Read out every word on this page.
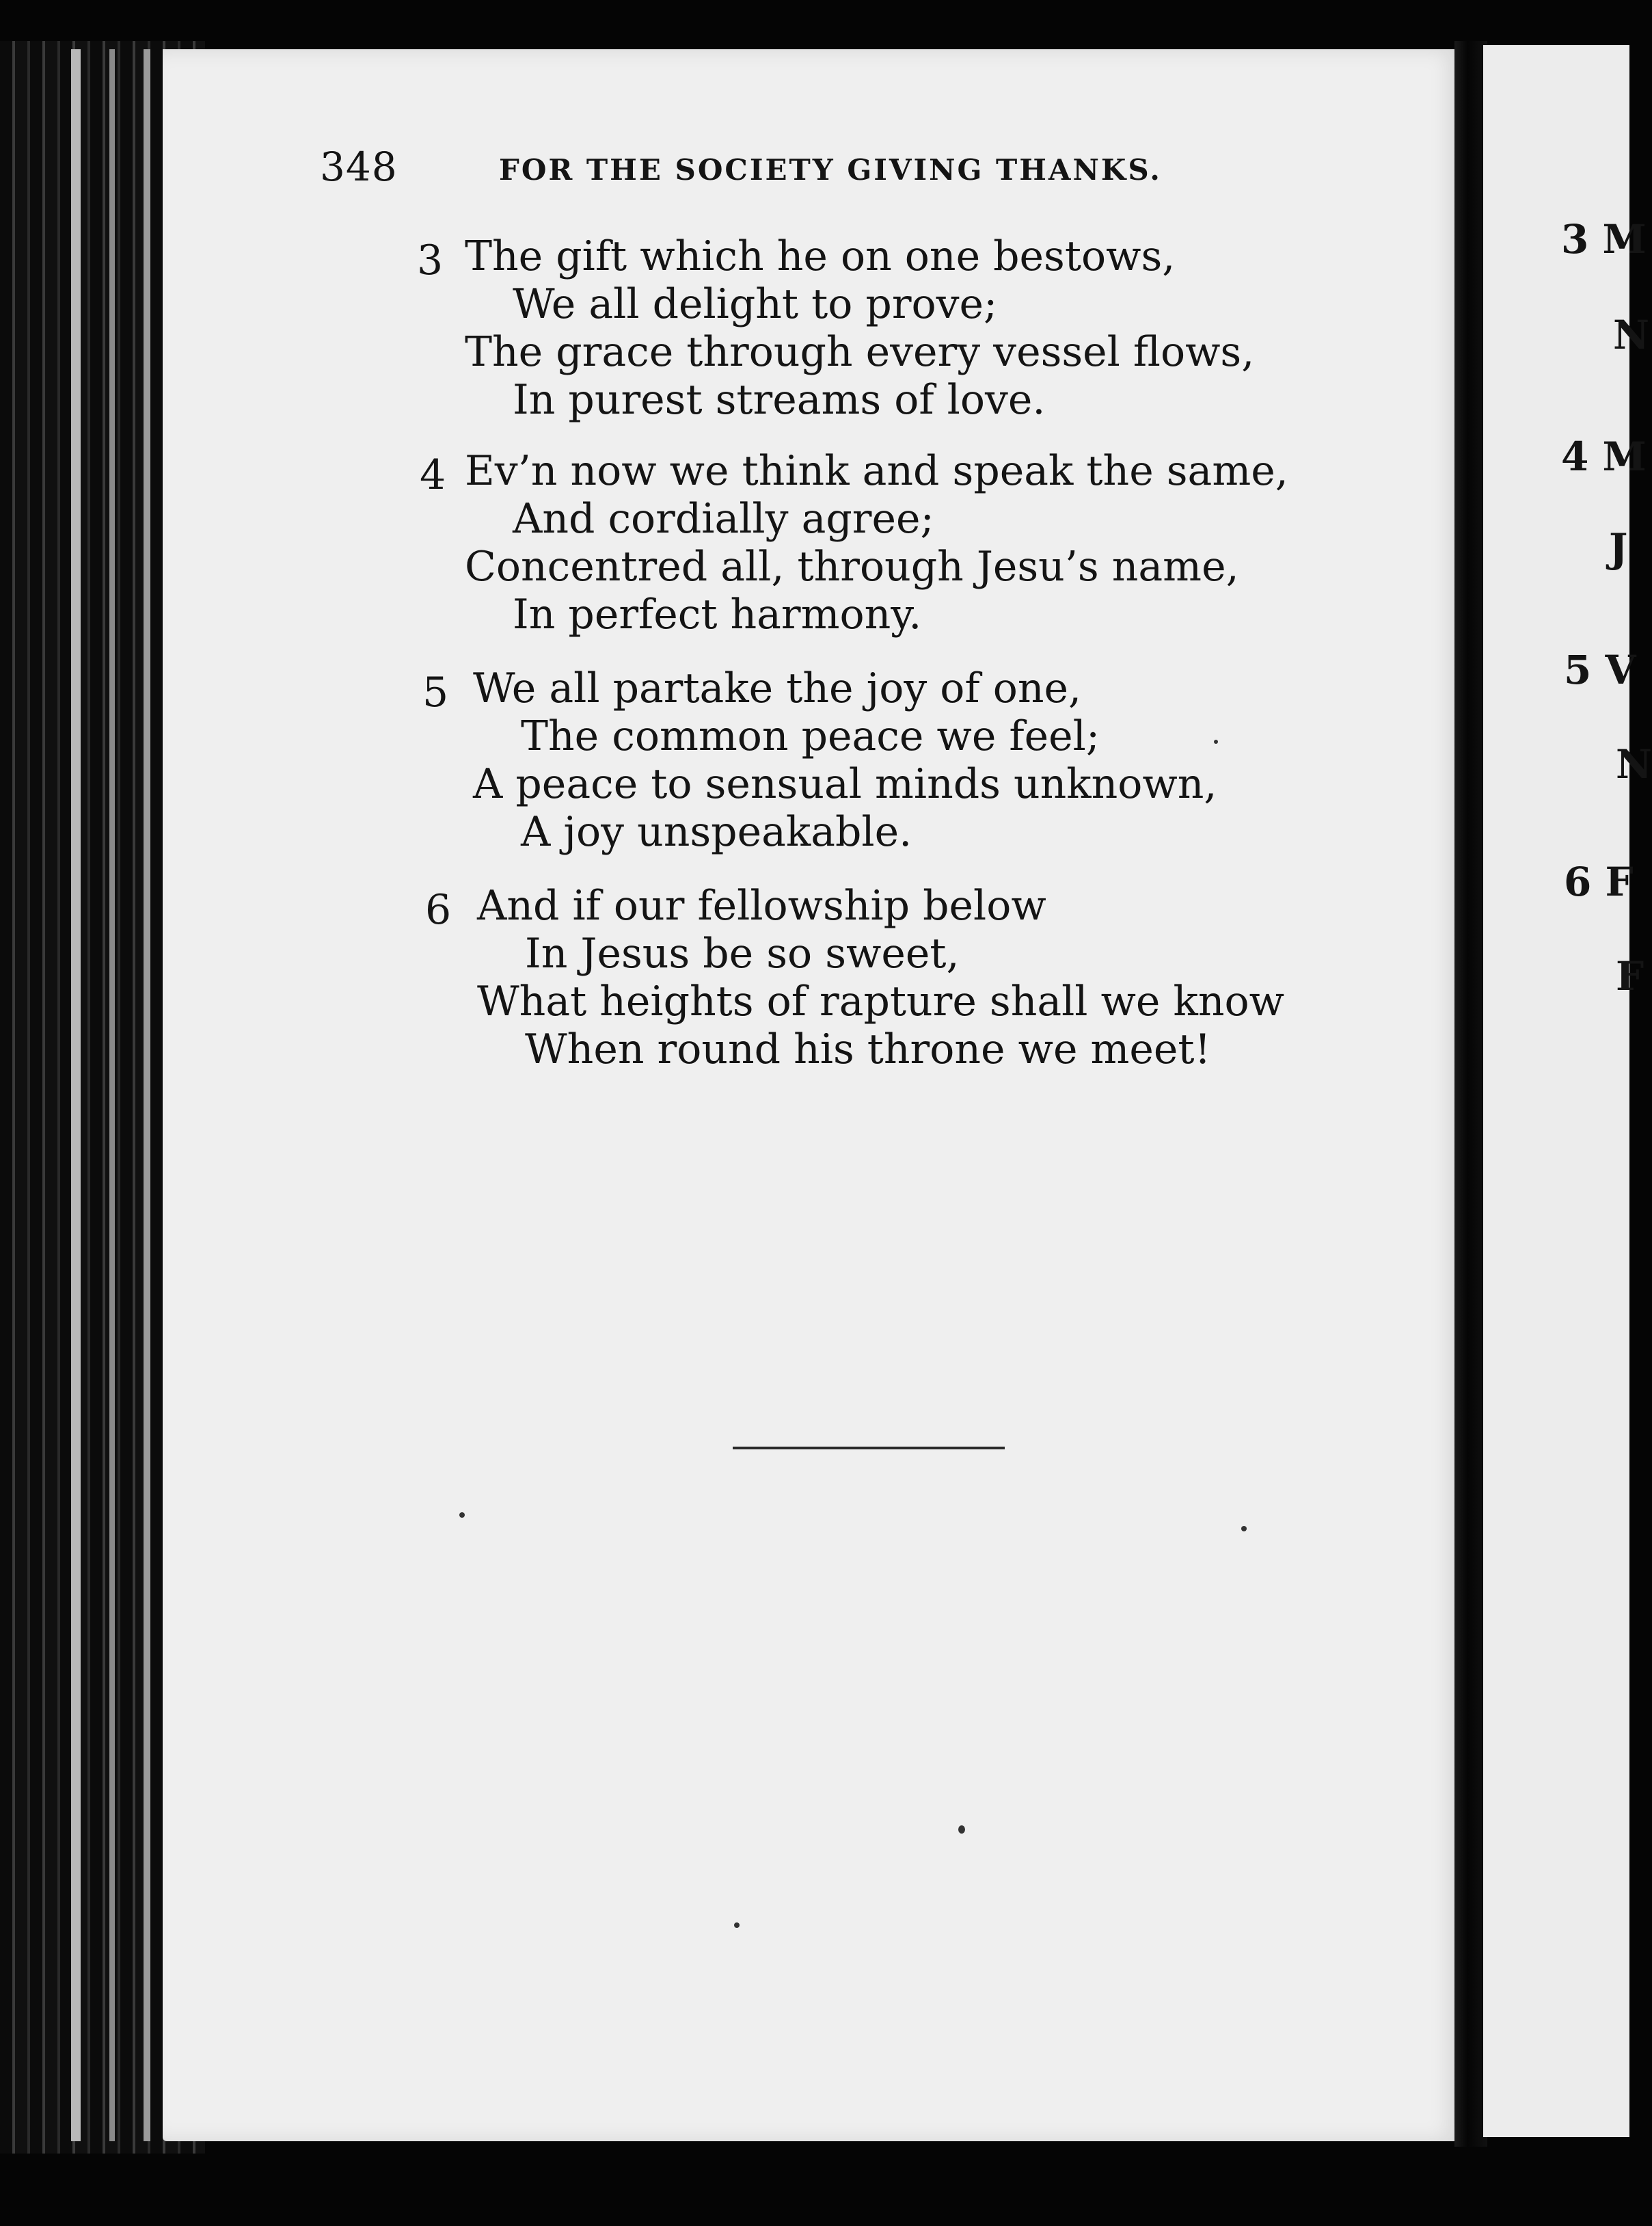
348	FOR THE SOCIETY GIVING THANKS.
3 The gift which he on one bestows,
We all delight to prove;
The grace through every vessel flows,
In purest streams of love.
4 Ev’n now we think and speak the same,
And cordially agree;
Concentred all, through Jesu’s name,
In perfect harmony.
5 We all partake the joy of one,
The common peace we feel;
A peace to sensual minds unknown,
A joy unspeakable.
6 And if our fellowship below
In Jesus be so sweet,
What heights of rapture shall we know
When round his throne we meet!
3 M
N
4 M
J
5 V
N
6 F
F
